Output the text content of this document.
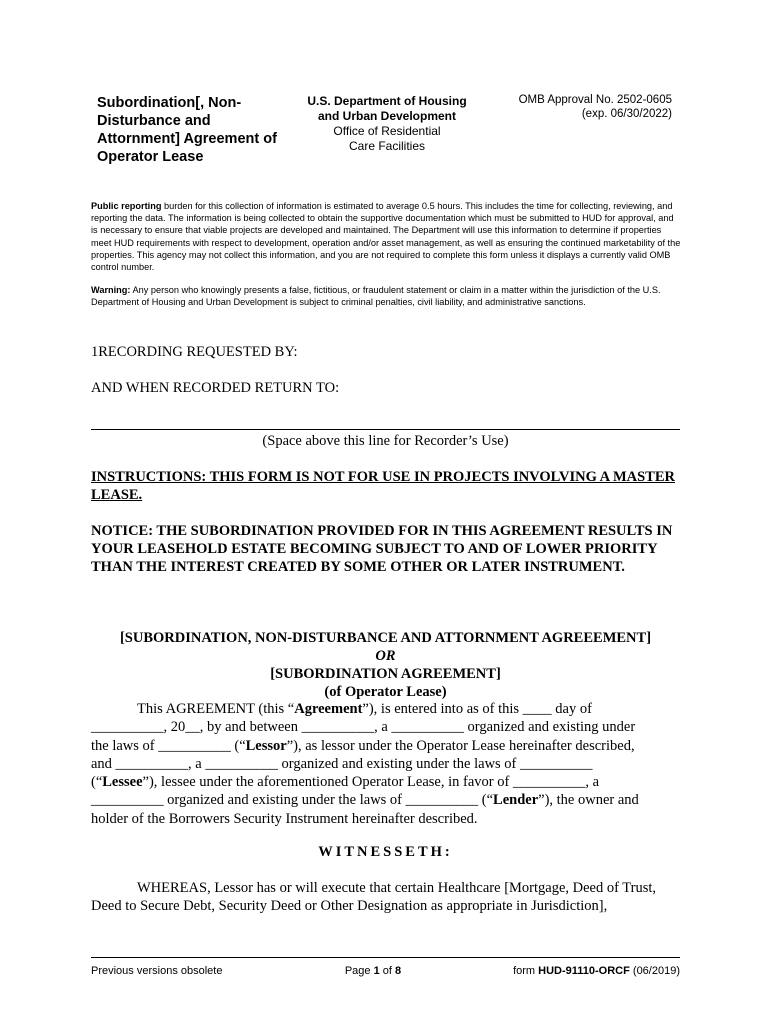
Subordination[, Non-Disturbance and Attornment] Agreement of Operator Lease
U.S. Department of Housing
and Urban Development
Office of Residential
Care Facilities
OMB Approval No. 2502-0605
(exp. 06/30/2022)
Public reporting burden for this collection of information is estimated to average 0.5 hours. This includes the time for collecting, reviewing, and reporting the data. The information is being collected to obtain the supportive documentation which must be submitted to HUD for approval, and is necessary to ensure that viable projects are developed and maintained. The Department will use this information to determine if properties meet HUD requirements with respect to development, operation and/or asset management, as well as ensuring the continued marketability of the properties. This agency may not collect this information, and you are not required to complete this form unless it displays a currently valid OMB control number.
Warning: Any person who knowingly presents a false, fictitious, or fraudulent statement or claim in a matter within the jurisdiction of the U.S. Department of Housing and Urban Development is subject to criminal penalties, civil liability, and administrative sanctions.
1RECORDING REQUESTED BY:
AND WHEN RECORDED RETURN TO:
(Space above this line for Recorder’s Use)
INSTRUCTIONS: THIS FORM IS NOT FOR USE IN PROJECTS INVOLVING A MASTER LEASE.
NOTICE: THE SUBORDINATION PROVIDED FOR IN THIS AGREEMENT RESULTS IN YOUR LEASEHOLD ESTATE BECOMING SUBJECT TO AND OF LOWER PRIORITY THAN THE INTEREST CREATED BY SOME OTHER OR LATER INSTRUMENT.
[SUBORDINATION, NON-DISTURBANCE AND ATTORNMENT AGREEEMENT]
OR
[SUBORDINATION AGREEMENT]
(of Operator Lease)
This AGREEMENT (this “Agreement”), is entered into as of this ____ day of
__________, 20__, by and between __________, a __________ organized and existing under
the laws of __________ (“Lessor”), as lessor under the Operator Lease hereinafter described,
and __________, a __________ organized and existing under the laws of __________
(“Lessee”), lessee under the aforementioned Operator Lease, in favor of __________, a
__________ organized and existing under the laws of __________ (“Lender”), the owner and
holder of the Borrowers Security Instrument hereinafter described.
WITNESSETH:
WHEREAS, Lessor has or will execute that certain Healthcare [Mortgage, Deed of Trust,
Deed to Secure Debt, Security Deed or Other Designation as appropriate in Jurisdiction],
Previous versions obsolete	Page 1 of 8	form HUD-91110-ORCF (06/2019)
